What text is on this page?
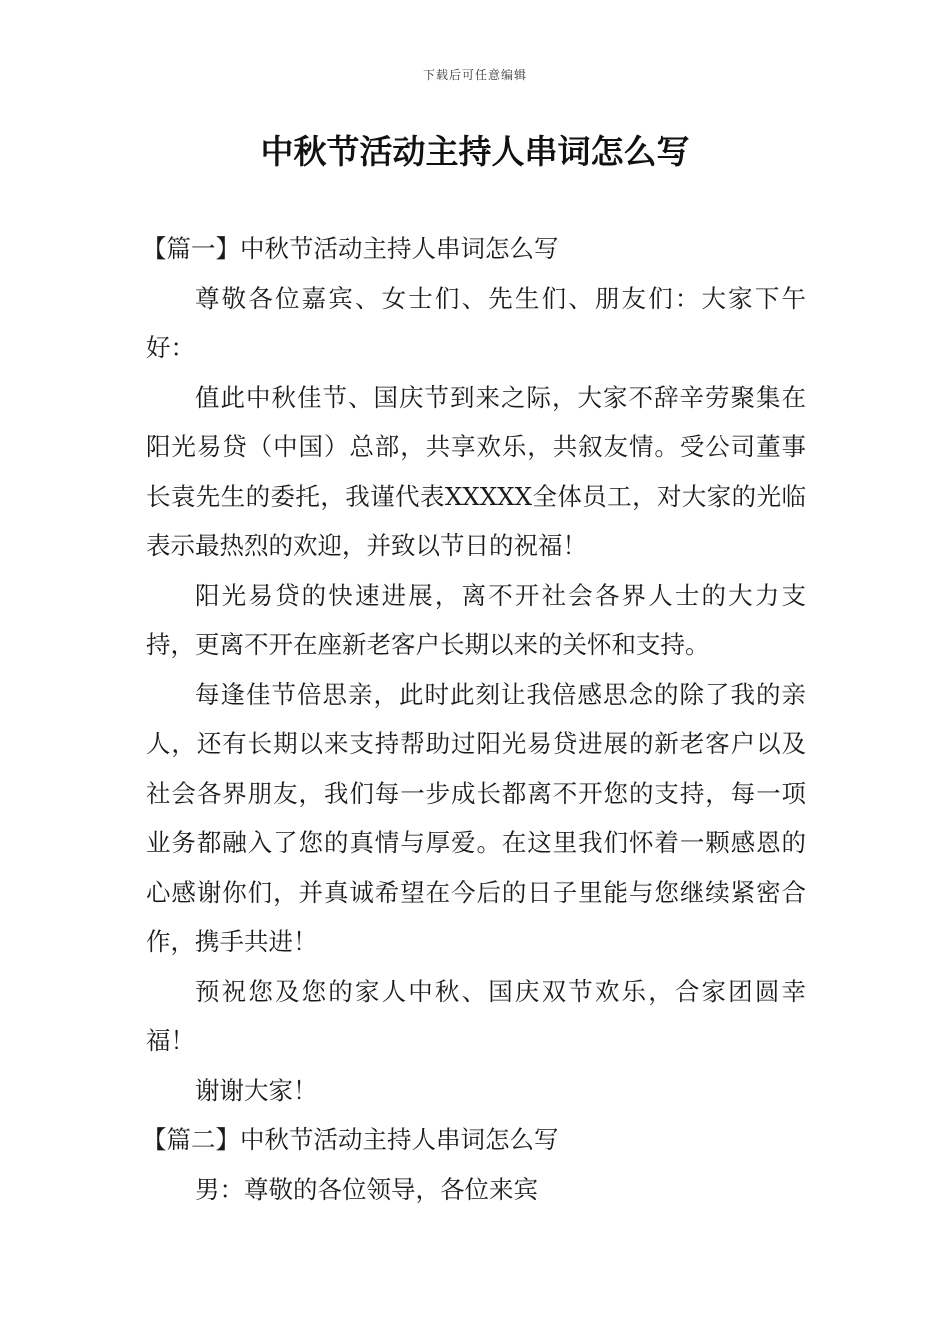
下载后可任意编辑
中秋节活动主持人串词怎么写

【篇一】中秋节活动主持人串词怎么写

尊敬各位嘉宾、女士们、先生们、朋友们：大家下午好：

值此中秋佳节、国庆节到来之际，大家不辞辛劳聚集在阳光易贷（中国）总部，共享欢乐，共叙友情。受公司董事长袁先生的委托，我谨代表XXXXX全体员工，对大家的光临表示最热烈的欢迎，并致以节日的祝福！

阳光易贷的快速进展，离不开社会各界人士的大力支持，更离不开在座新老客户长期以来的关怀和支持。

每逢佳节倍思亲，此时此刻让我倍感思念的除了我的亲人，还有长期以来支持帮助过阳光易贷进展的新老客户以及社会各界朋友，我们每一步成长都离不开您的支持，每一项业务都融入了您的真情与厚爱。在这里我们怀着一颗感恩的心感谢你们，并真诚希望在今后的日子里能与您继续紧密合作，携手共进！

预祝您及您的家人中秋、国庆双节欢乐，合家团圆幸福！

谢谢大家！

【篇二】中秋节活动主持人串词怎么写

男：尊敬的各位领导，各位来宾
